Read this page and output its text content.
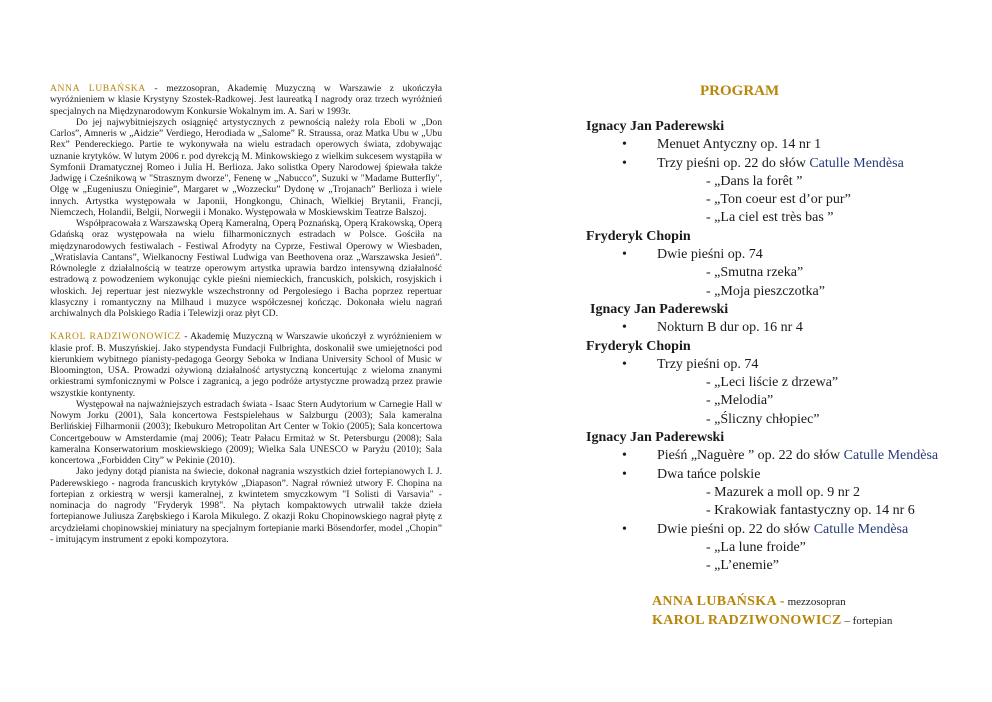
ANNA LUBAŃSKA - mezzosopran, Akademię Muzyczną w Warszawie z ukończyła wyróżnieniem w klasie Krystyny Szostek-Radkowej. Jest laureatką I nagrody oraz trzech wyróżnień specjalnych na Międzynarodowym Konkursie Wokalnym im. A. Sari w 1993r.

Do jej najwybitniejszych osiągnięć artystycznych z pewnością należy rola Eboli w „Don Carlos”, Amneris w „Aidzie” Verdiego, Herodiada w „Salome” R. Straussa, oraz Matka Ubu w „Ubu Rex” Pendereckiego. Partie te wykonywała na wielu estradach operowych świata, zdobywając uznanie krytyków. W lutym 2006 r. pod dyrekcją M. Minkowskiego z wielkim sukcesem wystąpiła w Symfonii Dramatycznej Romeo i Julia H. Berlioza. Jako solistka Opery Narodowej śpiewała także Jadwigę i Cześnikową w "Strasznym dworze", Fenenę w „Nabucco”, Suzuki w "Madame Butterfly", Olgę w „Eugeniuszu Onieginie”, Margaret w „Wozzecku” Dydonę w „Trojanach” Berlioza i wiele innych. Artystka występowała w Japonii, Hongkongu, Chinach, Wielkiej Brytanii, Francji, Niemczech, Holandii, Belgii, Norwegii i Monako. Występowała w Moskiewskim Teatrze Balszoj.

Współpracowała z Warszawską Operą Kameralną, Operą Poznańską, Operą Krakowską, Operą Gdańską oraz występowała na wielu filharmonicznych estradach w Polsce. Gościła na międzynarodowych festiwalach - Festiwal Afrodyty na Cyprze, Festiwal Operowy w Wiesbaden, „Wratislavia Cantans”, Wielkanocny Festiwal Ludwiga van Beethovena oraz „Warszawska Jesień”. Równolegle z działalnością w teatrze operowym artystka uprawia bardzo intensywną działalność estradową z powodzeniem wykonując cykle pieśni niemieckich, francuskich, polskich, rosyjskich i włoskich. Jej repertuar jest niezwykle wszechstronny od Pergolesiego i Bacha poprzez repertuar klasyczny i romantyczny na Milhaud i muzyce współczesnej kończąc. Dokonała wielu nagrań archiwalnych dla Polskiego Radia i Telewizji oraz płyt CD.

KAROL RADZIWONOWICZ - Akademię Muzyczną w Warszawie ukończył z wyróżnieniem w klasie prof. B. Muszyńskiej. Jako stypendysta Fundacji Fulbrighta, doskonalił swe umiejętności pod kierunkiem wybitnego pianisty-pedagoga Georgy Seboka w Indiana University School of Music w Bloomington, USA. Prowadzi ożywioną działalność artystyczną koncertując z wieloma znanymi orkiestrami symfonicznymi w Polsce i zagranicą, a jego podróże artystyczne prowadzą przez prawie wszystkie kontynenty.

Występował na najważniejszych estradach świata - Isaac Stern Audytorium w Carnegie Hall w Nowym Jorku (2001), Sala koncertowa Festspielehaus w Salzburgu (2003); Sala kameralna Berlińskiej Filharmonii (2003); Ikebukuro Metropolitan Art Center w Tokio (2005); Sala koncertowa Concertgebouw w Amsterdamie (maj 2006); Teatr Pałacu Ermitaż w St. Petersburgu (2008); Sala kameralna Konserwatorium moskiewskiego (2009); Wielka Sala UNESCO w Paryżu (2010); Sala koncertowa „Forbidden City” w Pekinie (2010).

Jako jedyny dotąd pianista na świecie, dokonał nagrania wszystkich dzieł fortepianowych I. J. Paderewskiego - nagroda francuskich krytyków „Diapason”. Nagrał również utwory F. Chopina na fortepian z orkiestrą w wersji kameralnej, z kwintetem smyczkowym "I Solisti di Varsavia" - nominacja do nagrody "Fryderyk 1998". Na płytach kompaktowych utrwalił także dzieła fortepianowe Juliusza Zarębskiego i Karola Mikulego. Z okazji Roku Chopinowskiego nagrał płytę z arcydziełami chopinowskiej miniatury na specjalnym fortepianie marki Bösendorfer, model „Chopin” - imitującym instrument z epoki kompozytora.

PROGRAM

Ignacy Jan Paderewski

• Menuet Antyczny op. 14 nr 1

• Trzy pieśni op. 22 do słów Catulle Mendèsa

- „Dans la forêt ”

- „Ton coeur est d’or pur”

- „La ciel est très bas ”

Fryderyk Chopin

• Dwie pieśni op. 74

- „Smutna rzeka”

- „Moja pieszczotka”

Ignacy Jan Paderewski

• Nokturn B dur op. 16 nr 4

Fryderyk Chopin

• Trzy pieśni op. 74

- „Leci liście z drzewa”

- „Melodia”

- „Śliczny chłopiec”

Ignacy Jan Paderewski

• Pieśń „Naguère ” op. 22 do słów Catulle Mendèsa

• Dwa tańce polskie

- Mazurek a moll op. 9 nr 2

- Krakowiak fantastyczny op. 14 nr 6

• Dwie pieśni op. 22 do słów Catulle Mendèsa

- „La lune froide”

- „L’enemie”

ANNA LUBAŃSKA - mezzosopran

KAROL RADZIWONOWICZ – fortepian
